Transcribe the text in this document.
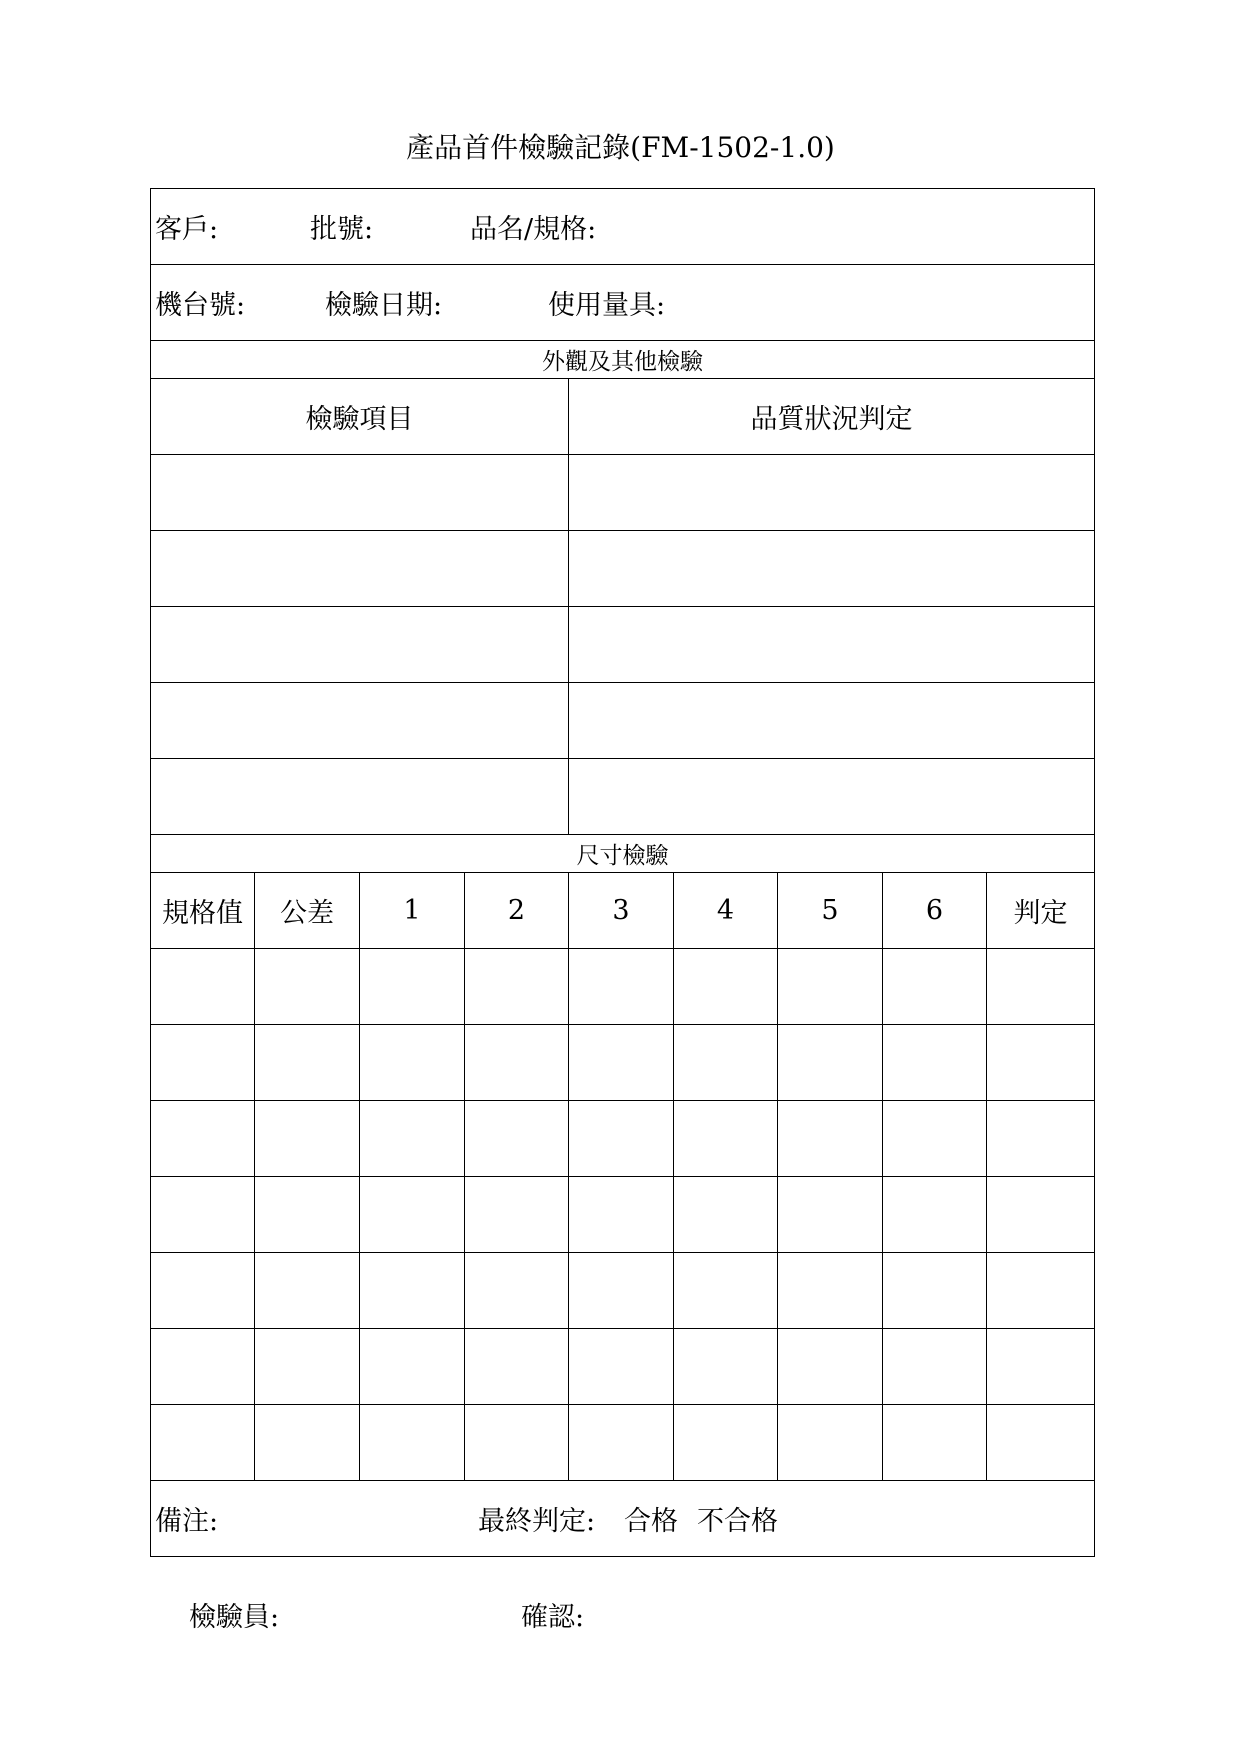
產品首件檢驗記錄(FM-1502-1.0)
客戶: 批號: 品名/規格:								
機台號: 檢驗日期: 使用量具:								
外觀及其他檢驗								
檢驗項目				品質狀況判定				

尺寸檢驗								
規格值	公差	1	2	3	4	5	6	判定

備注: 最終判定: 合格 不合格								
檢驗員:	確認:
